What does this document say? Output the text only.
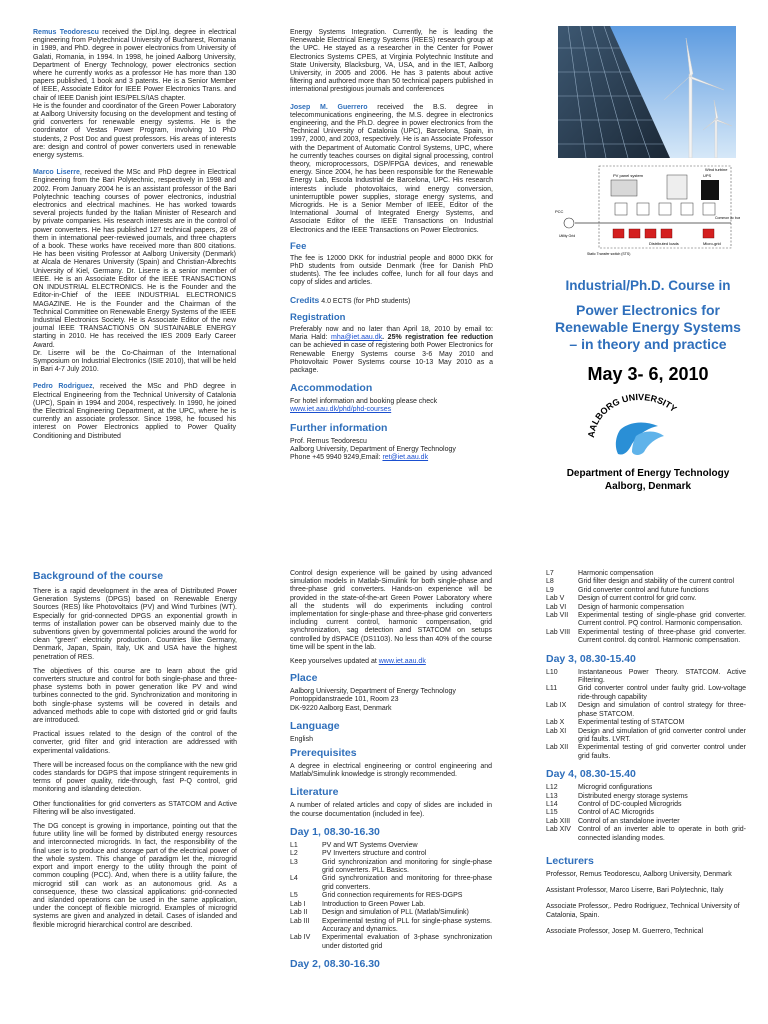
Remus Teodorescu received the Dipl.Ing. degree in electrical engineering from Polytechnical University of Bucharest, Romania in 1989, and PhD. degree in power electronics from University of Galati, Romania, in 1994. In 1998, he joined Aalborg University, Department of Energy Technology, power electronics section where he currently works as a professor He has more than 130 papers published, 1 book and 3 patents. He is a Senior Member of IEEE, Associate Editor for IEEE Power Electronics Trans. and chair of IEEE Danish joint IES/PELS/IAS chapter.
He is the founder and coordinator of the Green Power Laboratory at Aalborg University focusing on the development and testing of grid converters for renewable energy systems. He is the coordinator of Vestas Power Program, involving 10 PhD students, 2 Post Doc and guest professors. His areas of interests are: design and control of power converters used in renewable energy systems.

Marco Liserre, received the MSc and PhD degree in Electrical Engineering from the Bari Polytechnic, respectively in 1998 and 2002. From January 2004 he is an assistant professor of the Bari Polytechnic teaching courses of power electronics, industrial electronics and electrical machines. He has worked towards several projects funded by the Italian Minister of Research and by private companies. His research interests are in the control of power converters. He has published 127 technical papers, 28 of them in international peer-reviewed journals, and three chapters of a book. These works have received more than 800 citations. He has been visiting Professor at Aalborg University (Denmark) at Alcala de Henares University (Spain) and Christian-Albrechts University of Kiel, Germany. Dr. Liserre is a senior member of IEEE. He is an Associate Editor of the IEEE TRANSACTIONS ON INDUSTRIAL ELECTRONICS. He is the Founder and the Editor-in-Chief of the IEEE INDUSTRIAL ELECTRONICS MAGAZINE. He is the Founder and the Chairman of the Technical Committee on Renewable Energy Systems of the IEEE Industrial Electronics Society. He is Associate Editor of the new journal IEEE TRANSACTIONS ON SUSTAINABLE ENERGY starting in 2010. He has received the IES 2009 Early Career Award.
Dr. Liserre will be the Co-Chairman of the International Symposium on Industrial Electronics (ISIE 2010), that will be held in Bari 4-7 July 2010.

Pedro Rodriguez, received the MSc and PhD degree in Electrical Engineering from the Technical University of Catalonia (UPC), Spain in 1994 and 2004, respectively. In 1990, he joined the Electrical Engineering Department, at the UPC, where he is currently an associate professor. Since 1998, he focused his interest on Power Electronics applied to Power Quality Conditioning and Distributed

Energy Systems Integration. Currently, he is leading the Renewable Electrical Energy Systems (REES) research group at the UPC. He stayed as a researcher in the Center for Power Electronics Systems CPES, at Virginia Polytechnic Institute and State University, Blacksburg, VA, USA, and in the IET, Aalborg University, in 2005 and 2006. He has 3 patents about active filtering and authored more than 50 technical papers published in international prestigious journals and conferences

Josep M. Guerrero received the B.S. degree in telecommunications engineering, the M.S. degree in electronics engineering, and the Ph.D. degree in power electronics from the Technical University of Catalonia (UPC), Barcelona, Spain, in 1997, 2000, and 2003, respectively. He is an Associate Professor with the Department of Automatic Control Systems, UPC, where he currently teaches courses on digital signal processing, control theory, microprocessors, DSP/FPGA devices, and renewable energy. Since 2004, he has been responsible for the Renewable Energy Lab, Escola Industrial de Barcelona, UPC. His research interests include photovoltaics, wind energy conversion, uninterruptible power supplies, storage energy systems, and Microgrids. He is a Senior Member of IEEE, Editor of the International Journal of Integrated Energy Systems, and Associate Editor of the IEEE Transactions on Industrial Electronics and the IEEE Transactions on Power Electronics.

Fee

The fee is 12000 DKK for industrial people and 8000 DKK for PhD students from outside Denmark (free for Danish PhD students). The fee includes coffee, lunch for all four days and copy of slides and articles.

Credits 4.0 ECTS (for PhD students)

Registration

Preferably now and no later than April 18, 2010 by email to: Maria Hald: mha@iet.aau.dk. 25% registration fee reduction can be achieved in case of registering both Power Electronics for Renewable Energy Systems course 3-6 May 2010 and Photovoltaic Power Systems course 10-13 May 2010 as a package.

Accommodation
For hotel information and booking please check
www.iet.aau.dk/phd/phd-courses
Further information
Prof. Remus Teodorescu
Aalborg University, Department of Energy Technology
Phone +45 9940 9249,Email: ret@iet.aau.dk
Wind turbine
PV panel system	UPS
PCC
Utility Grid
Static Transfer switch (STS)
Distributed loads	Micro-grid
Common ac bus
Industrial/Ph.D. Course in
Power Electronics for Renewable Energy Systems – in theory and practice
May 3- 6, 2010
AALBORG UNIVERSITY
Department of Energy Technology
Aalborg, Denmark
Background of the course

There is a rapid development in the area of Distributed Power Generation Systems (DPGS) based on Renewable Energy Sources (RES) like Photovoltaics (PV) and Wind Turbines (WT). Especially for grid-connected DPGS an exponential growth in terms of installation power can be observed mainly due to the subventions given by governmental policies around the world for clean "green" electricity production. Countries like Germany, Denmark, Japan, Spain, Italy, UK and USA have the highest penetration of RES.

The objectives of this course are to learn about the grid converters structure and control for both single-phase and three-phase systems both in power generation like PV and wind turbines connected to the grid. Synchronization and monitoring in both single-phase systems will be covered in details and advanced methods able to cope with distorted grid or grid faults are introduced.

Practical issues related to the design of the control of the converter, grid filter and grid interaction are addressed with experimental validations.

There will be increased focus on the compliance with the new grid codes standards for DGPS that impose stringent requirements in terms of power quality, ride-through, fast P-Q control, grid monitoring and islanding detection.

Other functionalities for grid converters as STATCOM and Active Filtering will be also investigated.

The DG concept is growing in importance, pointing out that the future utility line will be formed by distributed energy resources and interconnected microgrids. In fact, the responsibility of the final user is to produce and storage part of the electrical power of the whole system. This change of paradigm let the, microgrid export and import energy to the utility through the point of common coupling (PCC). And, when there is a utility failure, the microgrid still can work as an autonomous grid. As a consequence, these two classical applications: grid-connected and islanded operations can be used in the same application, under the concept of flexible microgrid. Examples of microgrid systems are given and analyzed in detail. Cases of islanded and flexible microgrid hierarchical control are described.

Control design experience will be gained by using advanced simulation models in Matlab-Simulink for both single-phase and three-phase grid converters. Hands-on experience will be provided in the state-of-the-art Green Power Laboratory where all the students will do experiments including control implementation for single-phase and three-phase grid converters including current control, harmonic compensation, grid synchronization, sag detection and STATCOM on setups controlled by dSPACE (DS1103). No less than 40% of the course time will be spent in the lab.

Keep yourselves updated at www.iet.aau.dk

Place
Aalborg University, Department of Energy Technology
Pontoppidanstraede 101, Room 23
DK-9220 Aalborg East, Denmark
Language
English
Prerequisites

A degree in electrical engineering or control engineering and Matlab/Simulink knowledge is strongly recommended.

Literature

A number of related articles and copy of slides are included in the course documentation (included in fee).

Day 1, 08.30-16.30
L1	PV and WT Systems Overview
L2	PV Inverters structure and control
L3	Grid synchronization and monitoring for single-phase grid converters. PLL Basics.
L4	Grid synchronization and monitoring for three-phase grid converters.
L5	Grid connection requirements for RES-DGPS
Lab I	Introduction to Green Power Lab.
Lab II	Design and simulation of PLL (Matlab/Simulink)
Lab III	Experimental testing of PLL for single-phase systems. Accuracy and dynamics.
Lab IV	Experimental evaluation of 3-phase synchronization under distorted grid
Day 2, 08.30-16.30
L7	Harmonic compensation
L8	Grid filter design and stability of the current control
L9	Grid converter control and future functions
Lab V	Design of current control for grid conv.
Lab VI	Design of harmonic compensation
Lab VII	Experimental testing of single-phase grid converter. Current control. PQ control. Harmonic compensation.
Lab VIII	Experimental testing of three-phase grid converter. Current control. dq control. Harmonic compensation.
Day 3, 08.30-15.40
L10	Instantaneous Power Theory. STATCOM. Active Filtering.
L11	Grid converter control under faulty grid. Low-voltage ride-through capability
Lab IX	Design and simulation of control strategy for three-phase STATCOM.
Lab X	Experimental testing of STATCOM
Lab XI	Design and simulation of grid converter control under grid faults. LVRT.
Lab XII	Experimental testing of grid converter control under grid faults.
Day 4, 08.30-15.40
L12	Microgrid configurations
L13	Distributed energy storage systems
L14	Control of DC-coupled Microgrids
L15	Control of AC Microgrids
Lab XIII	Control of an standalone inverter
Lab XIV	Control of an inverter able to operate in both grid-connected islanding modes.
Lecturers

Professor, Remus Teodorescu, Aalborg University, Denmark

Assistant Professor, Marco Liserre, Bari Polytechnic, Italy

Associate Professor,. Pedro Rodriguez, Technical University of Catalonia, Spain.

Associate Professor, Josep M. Guerrero, Technical
